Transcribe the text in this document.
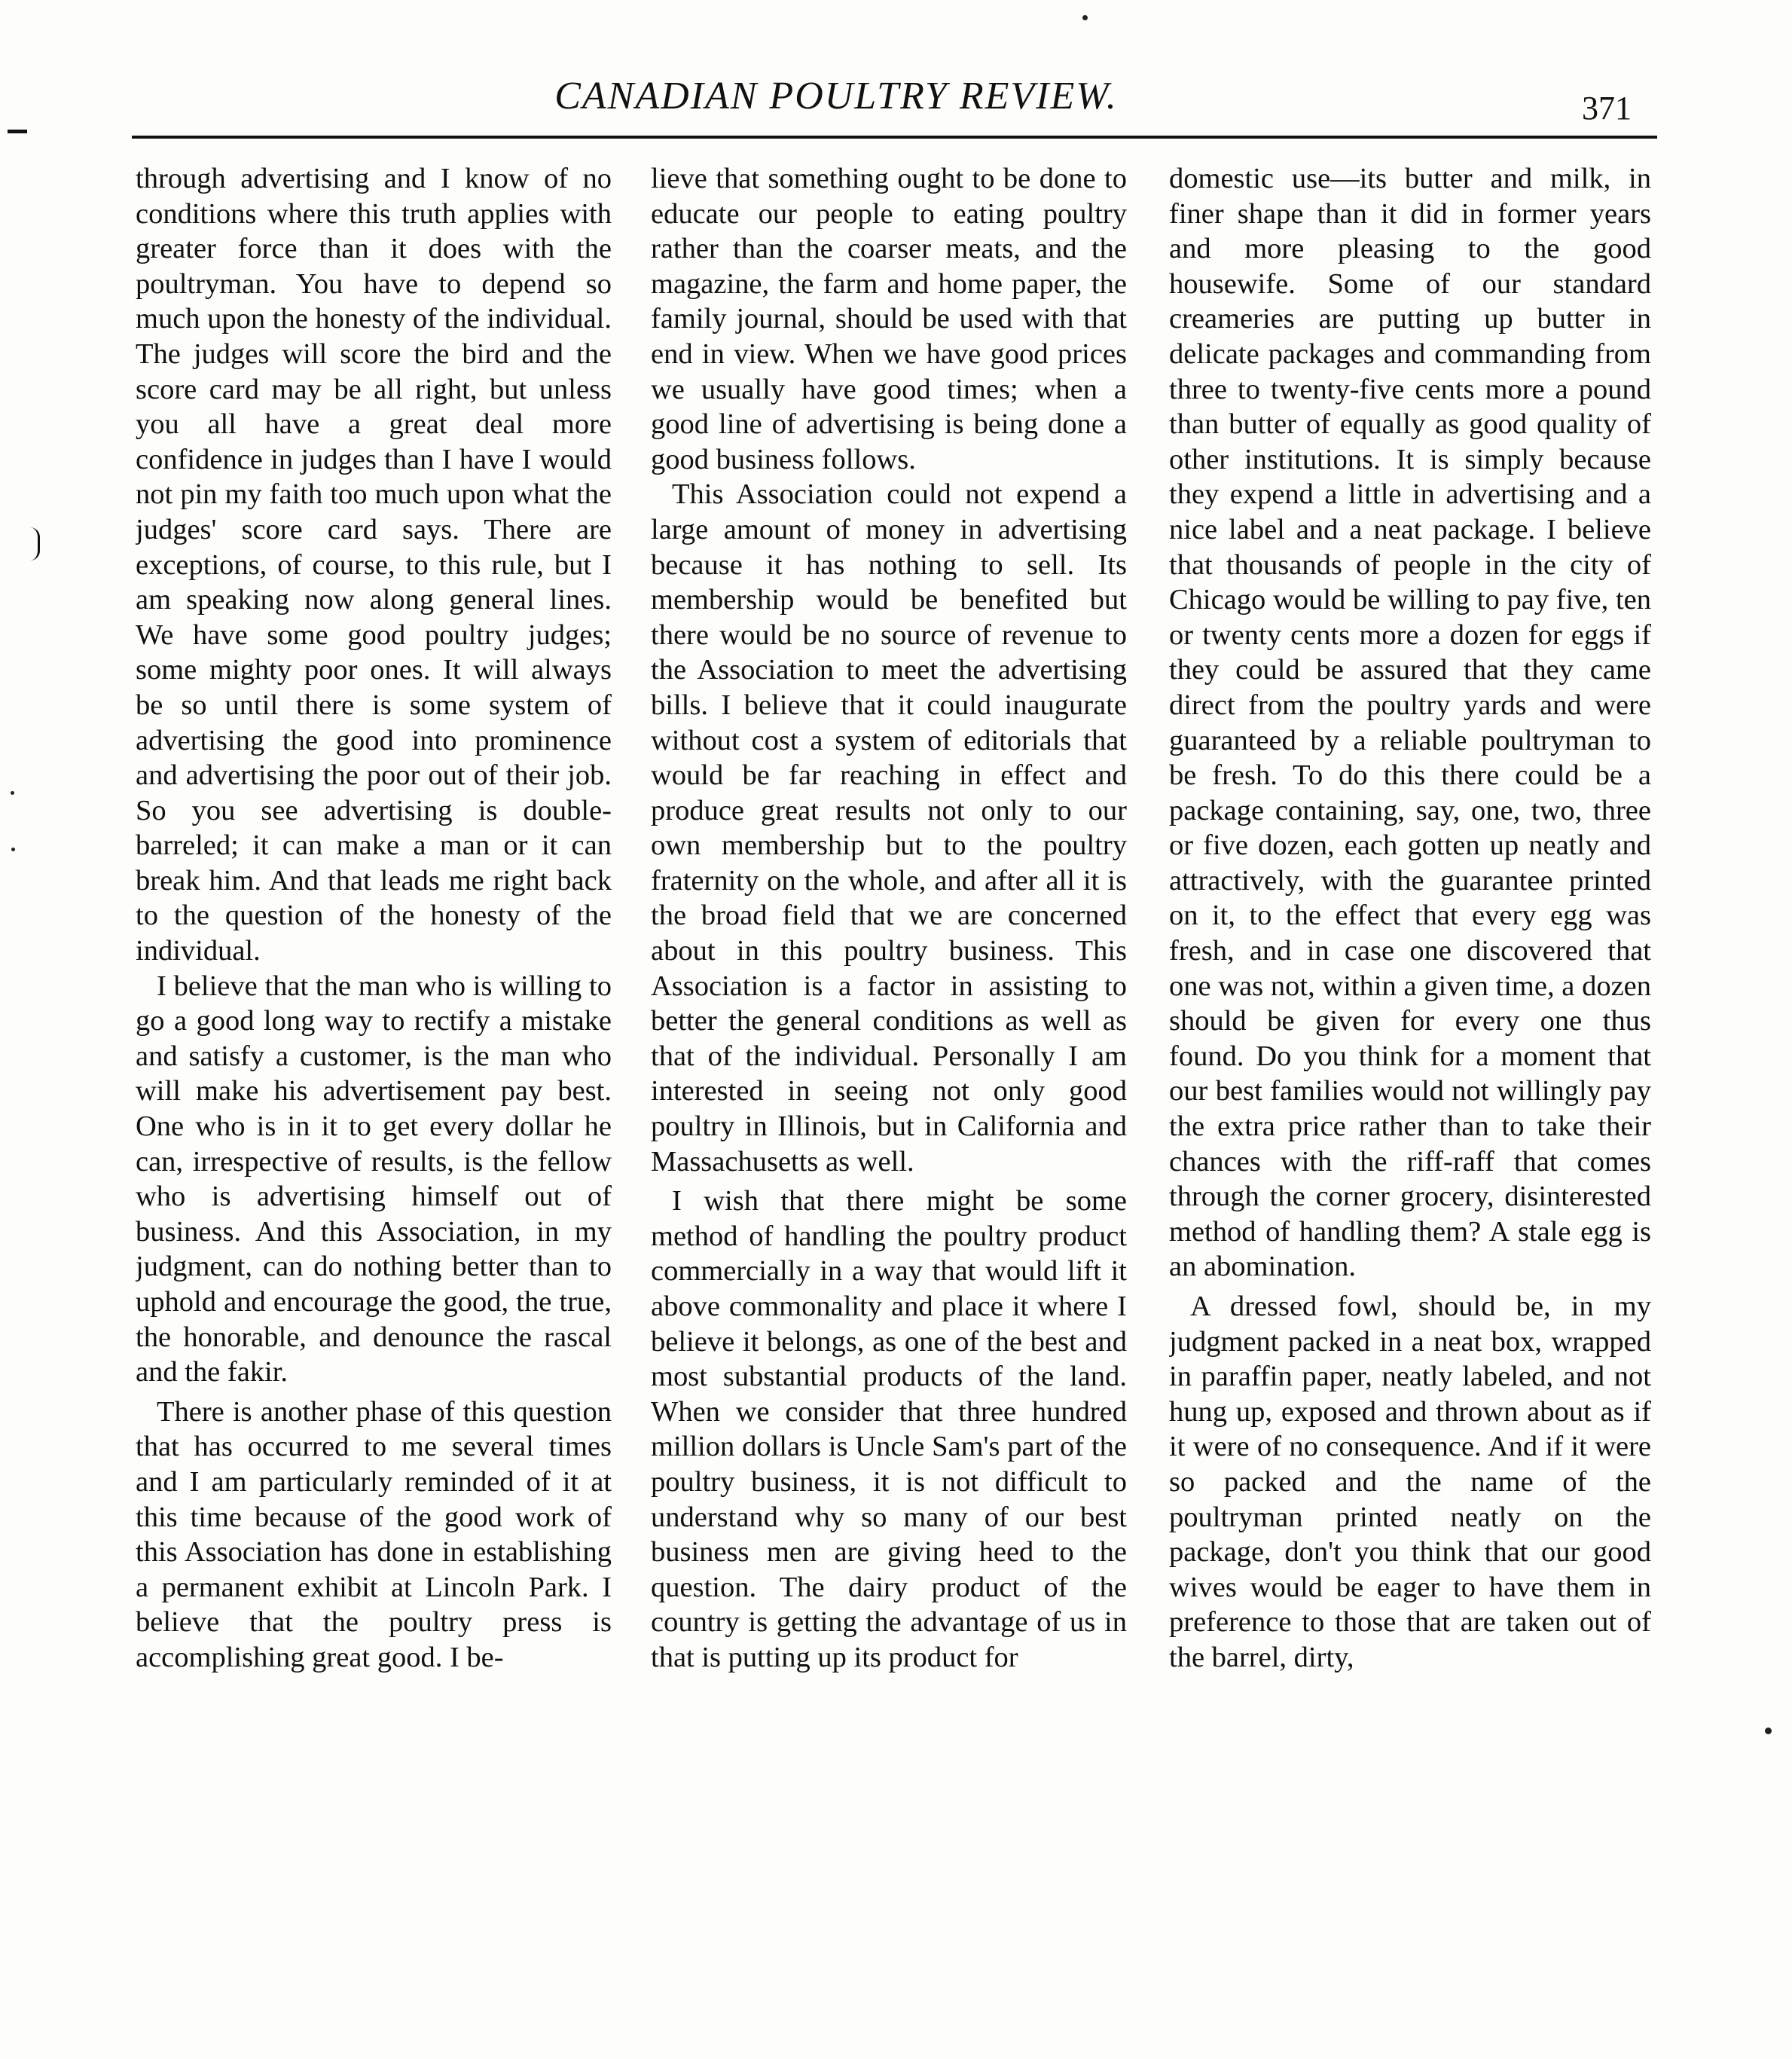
CANADIAN POULTRY REVIEW.	371

through advertising and I know of no conditions where this truth applies with greater force than it does with the poultryman. You have to depend so much upon the honesty of the individual. The judges will score the bird and the score card may be all right, but unless you all have a great deal more confidence in judges than I have I would not pin my faith too much upon what the judges' score card says. There are exceptions, of course, to this rule, but I am speaking now along general lines. We have some good poultry judges; some mighty poor ones. It will always be so until there is some system of advertising the good into prominence and advertising the poor out of their job. So you see advertising is double-barreled; it can make a man or it can break him. And that leads me right back to the question of the honesty of the individual.

I believe that the man who is willing to go a good long way to rectify a mistake and satisfy a customer, is the man who will make his advertisement pay best. One who is in it to get every dollar he can, irrespective of results, is the fellow who is advertising himself out of business. And this Association, in my judgment, can do nothing better than to uphold and encourage the good, the true, the honorable, and denounce the rascal and the fakir.

There is another phase of this question that has occurred to me several times and I am particularly reminded of it at this time because of the good work of this Association has done in establishing a permanent exhibit at Lincoln Park. I believe that the poultry press is accomplishing great good. I be-

lieve that something ought to be done to educate our people to eating poultry rather than the coarser meats, and the magazine, the farm and home paper, the family journal, should be used with that end in view. When we have good prices we usually have good times; when a good line of advertising is being done a good business follows.

This Association could not expend a large amount of money in advertising because it has nothing to sell. Its membership would be benefited but there would be no source of revenue to the Association to meet the advertising bills. I believe that it could inaugurate without cost a system of editorials that would be far reaching in effect and produce great results not only to our own membership but to the poultry fraternity on the whole, and after all it is the broad field that we are concerned about in this poultry business. This Association is a factor in assisting to better the general conditions as well as that of the individual. Personally I am interested in seeing not only good poultry in Illinois, but in California and Massachusetts as well.

I wish that there might be some method of handling the poultry product commercially in a way that would lift it above commonality and place it where I believe it belongs, as one of the best and most substantial products of the land. When we consider that three hundred million dollars is Uncle Sam's part of the poultry business, it is not difficult to understand why so many of our best business men are giving heed to the question. The dairy product of the country is getting the advantage of us in that is putting up its product for

domestic use—its butter and milk, in finer shape than it did in former years and more pleasing to the good housewife. Some of our standard creameries are putting up butter in delicate packages and commanding from three to twenty-five cents more a pound than butter of equally as good quality of other institutions. It is simply because they expend a little in advertising and a nice label and a neat package. I believe that thousands of people in the city of Chicago would be willing to pay five, ten or twenty cents more a dozen for eggs if they could be assured that they came direct from the poultry yards and were guaranteed by a reliable poultryman to be fresh. To do this there could be a package containing, say, one, two, three or five dozen, each gotten up neatly and attractively, with the guarantee printed on it, to the effect that every egg was fresh, and in case one discovered that one was not, within a given time, a dozen should be given for every one thus found. Do you think for a moment that our best families would not willingly pay the extra price rather than to take their chances with the riff-raff that comes through the corner grocery, disinterested method of handling them? A stale egg is an abomination.

A dressed fowl, should be, in my judgment packed in a neat box, wrapped in paraffin paper, neatly labeled, and not hung up, exposed and thrown about as if it were of no consequence. And if it were so packed and the name of the poultryman printed neatly on the package, don't you think that our good wives would be eager to have them in preference to those that are taken out of the barrel, dirty,
